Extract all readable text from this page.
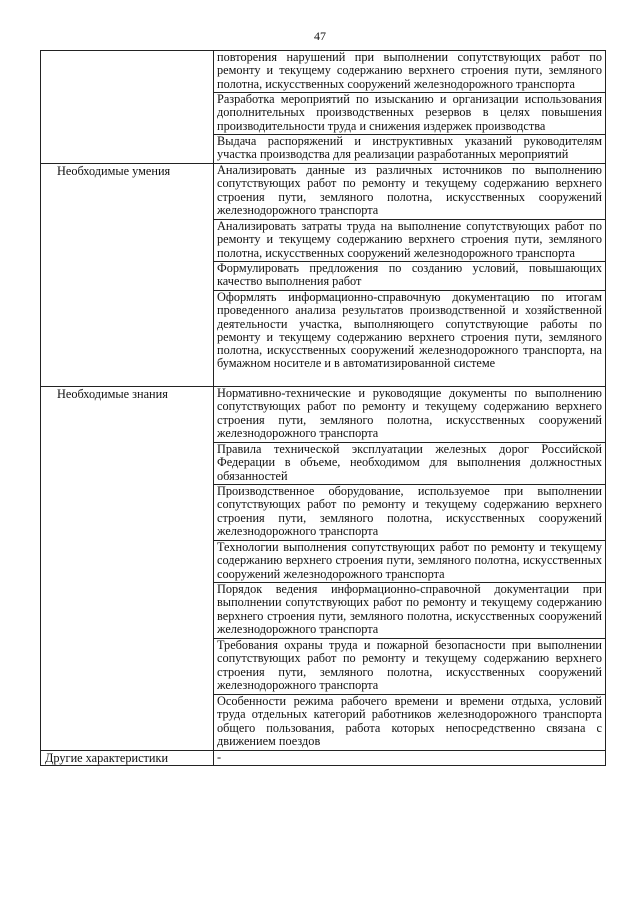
47

	повторения нарушений при выполнении сопутствующих работ по ремонту и текущему содержанию верхнего строения пути, земляного полотна, искусственных сооружений железнодорожного транспорта

	Разработка мероприятий по изысканию и организации использования дополнительных производственных резервов в целях повышения производительности труда и снижения издержек производства

	Выдача распоряжений и инструктивных указаний руководителям участка производства для реализации разработанных мероприятий

Необходимые умения	Анализировать данные из различных источников по выполнению сопутствующих работ по ремонту и текущему содержанию верхнего строения пути, земляного полотна, искусственных сооружений железнодорожного транспорта

	Анализировать затраты труда на выполнение сопутствующих работ по ремонту и текущему содержанию верхнего строения пути, земляного полотна, искусственных сооружений железнодорожного транспорта

	Формулировать предложения по созданию условий, повышающих качество выполнения работ

	Оформлять информационно-справочную документацию по итогам проведенного анализа результатов производственной и хозяйственной деятельности участка, выполняющего сопутствующие работы по ремонту и текущему содержанию верхнего строения пути, земляного полотна, искусственных сооружений железнодорожного транспорта, на бумажном носителе и в автоматизированной системе

Необходимые знания	Нормативно-технические и руководящие документы по выполнению сопутствующих работ по ремонту и текущему содержанию верхнего строения пути, земляного полотна, искусственных сооружений железнодорожного транспорта

	Правила технической эксплуатации железных дорог Российской Федерации в объеме, необходимом для выполнения должностных обязанностей

	Производственное оборудование, используемое при выполнении сопутствующих работ по ремонту и текущему содержанию верхнего строения пути, земляного полотна, искусственных сооружений железнодорожного транспорта

	Технологии выполнения сопутствующих работ по ремонту и текущему содержанию верхнего строения пути, земляного полотна, искусственных сооружений железнодорожного транспорта

	Порядок ведения информационно-справочной документации при выполнении сопутствующих работ по ремонту и текущему содержанию верхнего строения пути, земляного полотна, искусственных сооружений железнодорожного транспорта

	Требования охраны труда и пожарной безопасности при выполнении сопутствующих работ по ремонту и текущему содержанию верхнего строения пути, земляного полотна, искусственных сооружений железнодорожного транспорта

	Особенности режима рабочего времени и времени отдыха, условий труда отдельных категорий работников железнодорожного транспорта общего пользования, работа которых непосредственно связана с движением поездов

Другие характеристики	-
